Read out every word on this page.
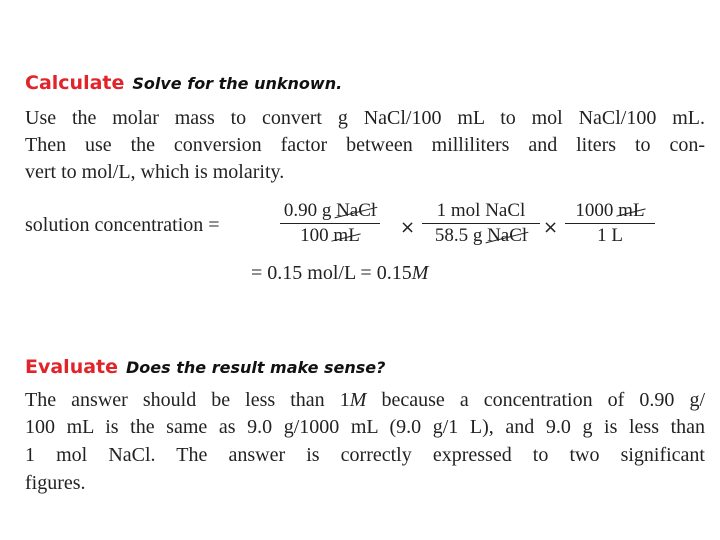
Calculate Solve for the unknown.
Use the molar mass to convert g NaCl/100 mL to mol NaCl/100 mL.
Then use the conversion factor between milliliters and liters to con-
vert to mol/L, which is molarity.
solution concentration =
0.90 g NaCl
100 mL	×
1 mol NaCl
58.5 g NaCl ×
1000 mL
1 L
= 0.15 mol/L = 0.15M
Evaluate Does the result make sense?
The answer should be less than 1M because a concentration of 0.90 g/
100 mL is the same as 9.0 g/1000 mL (9.0 g/1 L), and 9.0 g is less than
1 mol NaCl. The answer is correctly expressed to two significant
figures.
